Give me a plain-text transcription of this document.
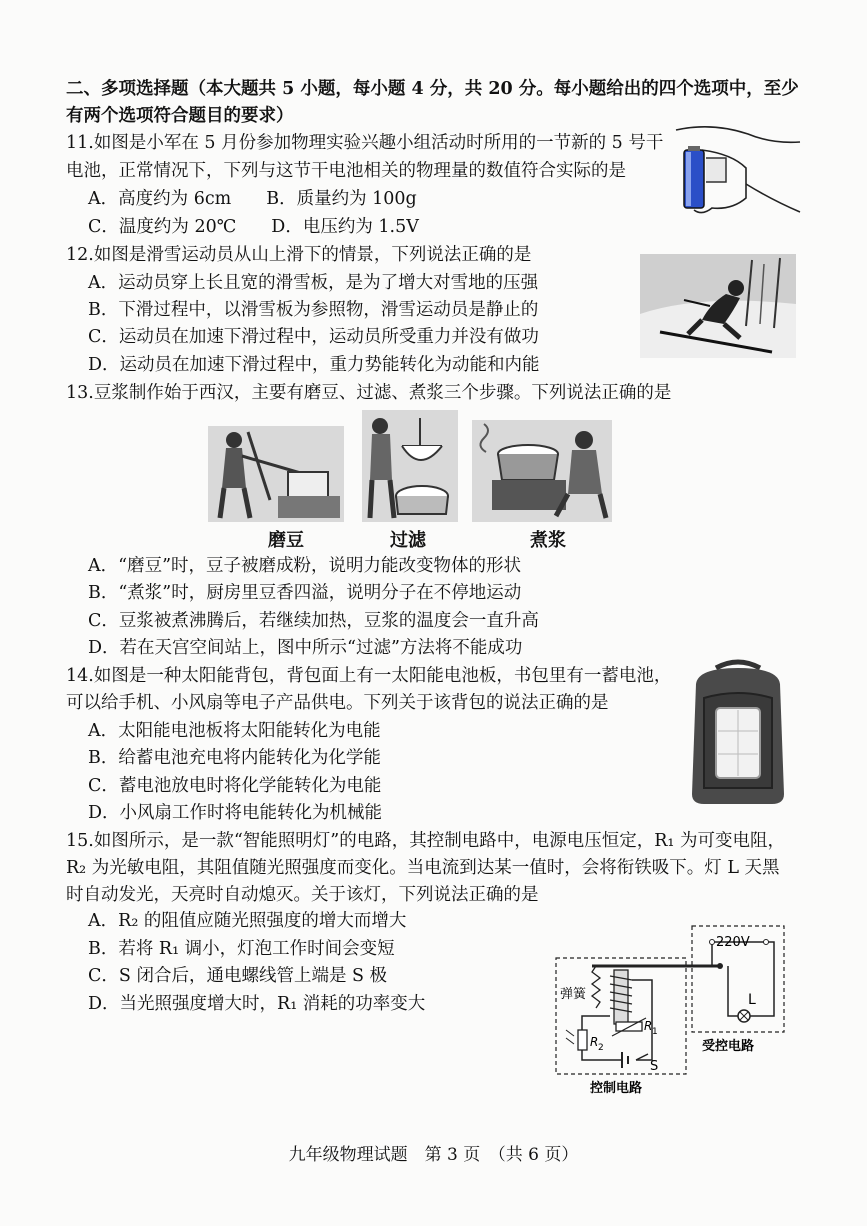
二、多项选择题（本大题共 5 小题，每小题 4 分，共 20 分。每小题给出的四个选项中，至少
有两个选项符合题目的要求）
11.如图是小军在 5 月份参加物理实验兴趣小组活动时所用的一节新的 5 号干
电池，正常情况下，下列与这节干电池相关的物理量的数值符合实际的是
A．高度约为 6cm　　B．质量约为 100g
C．温度约为 20℃　　D．电压约为 1.5V
12.如图是滑雪运动员从山上滑下的情景，下列说法正确的是
A．运动员穿上长且宽的滑雪板，是为了增大对雪地的压强
B．下滑过程中，以滑雪板为参照物，滑雪运动员是静止的
C．运动员在加速下滑过程中，运动员所受重力并没有做功
D．运动员在加速下滑过程中，重力势能转化为动能和内能
13.豆浆制作始于西汉，主要有磨豆、过滤、煮浆三个步骤。下列说法正确的是
磨豆	过滤	煮浆
A．“磨豆”时，豆子被磨成粉，说明力能改变物体的形状
B．“煮浆”时，厨房里豆香四溢，说明分子在不停地运动
C．豆浆被煮沸腾后，若继续加热，豆浆的温度会一直升高
D．若在天宫空间站上，图中所示“过滤”方法将不能成功
14.如图是一种太阳能背包，背包面上有一太阳能电池板，书包里有一蓄电池，
可以给手机、小风扇等电子产品供电。下列关于该背包的说法正确的是
A．太阳能电池板将太阳能转化为电能
B．给蓄电池充电将内能转化为化学能
C．蓄电池放电时将化学能转化为电能
D．小风扇工作时将电能转化为机械能
15.如图所示，是一款“智能照明灯”的电路，其控制电路中，电源电压恒定，R₁ 为可变电阻，
R₂ 为光敏电阻，其阻值随光照强度而变化。当电流到达某一值时，会将衔铁吸下。灯 L 天黑
时自动发光，天亮时自动熄灭。关于该灯，下列说法正确的是
A．R₂ 的阻值应随光照强度的增大而增大
B．若将 R₁ 调小，灯泡工作时间会变短
C．S 闭合后，通电螺线管上端是 S 极
D．当光照强度增大时，R₁ 消耗的功率变大	弹簧
220V
L
R 1
R 2
S
受控电路
控制电路
九年级物理试题　第 3 页　（共 6 页）
